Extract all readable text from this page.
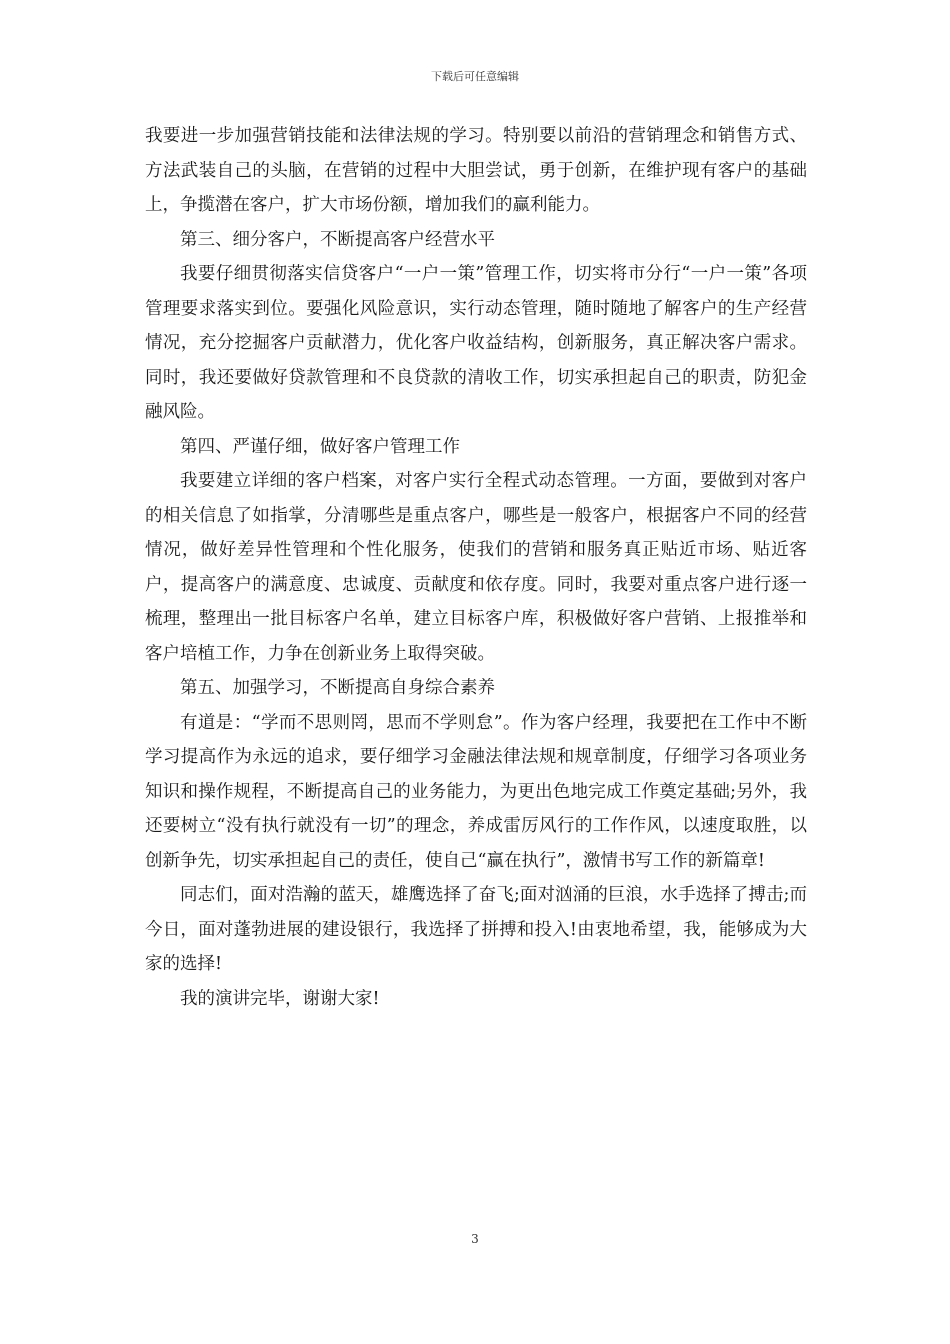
下载后可任意编辑

我要进一步加强营销技能和法律法规的学习。特别要以前沿的营销理念和销售方式、方法武装自己的头脑，在营销的过程中大胆尝试，勇于创新，在维护现有客户的基础上，争揽潜在客户，扩大市场份额，增加我们的赢利能力。

第三、细分客户，不断提高客户经营水平

我要仔细贯彻落实信贷客户“一户一策”管理工作，切实将市分行“一户一策”各项管理要求落实到位。要强化风险意识，实行动态管理，随时随地了解客户的生产经营情况，充分挖掘客户贡献潜力，优化客户收益结构，创新服务，真正解决客户需求。同时，我还要做好贷款管理和不良贷款的清收工作，切实承担起自己的职责，防犯金融风险。

第四、严谨仔细，做好客户管理工作

我要建立详细的客户档案，对客户实行全程式动态管理。一方面，要做到对客户的相关信息了如指掌，分清哪些是重点客户，哪些是一般客户，根据客户不同的经营情况，做好差异性管理和个性化服务，使我们的营销和服务真正贴近市场、贴近客户，提高客户的满意度、忠诚度、贡献度和依存度。同时，我要对重点客户进行逐一梳理，整理出一批目标客户名单，建立目标客户库，积极做好客户营销、上报推举和客户培植工作，力争在创新业务上取得突破。

第五、加强学习，不断提高自身综合素养

有道是：“学而不思则罔，思而不学则怠”。作为客户经理，我要把在工作中不断学习提高作为永远的追求，要仔细学习金融法律法规和规章制度，仔细学习各项业务知识和操作规程，不断提高自己的业务能力，为更出色地完成工作奠定基础;另外，我还要树立“没有执行就没有一切”的理念，养成雷厉风行的工作作风，以速度取胜，以创新争先，切实承担起自己的责任，使自己“赢在执行”，激情书写工作的新篇章!

同志们，面对浩瀚的蓝天，雄鹰选择了奋飞;面对汹涌的巨浪，水手选择了搏击;而今日，面对蓬勃进展的建设银行，我选择了拼搏和投入!由衷地希望，我，能够成为大家的选择!

我的演讲完毕，谢谢大家!

3
